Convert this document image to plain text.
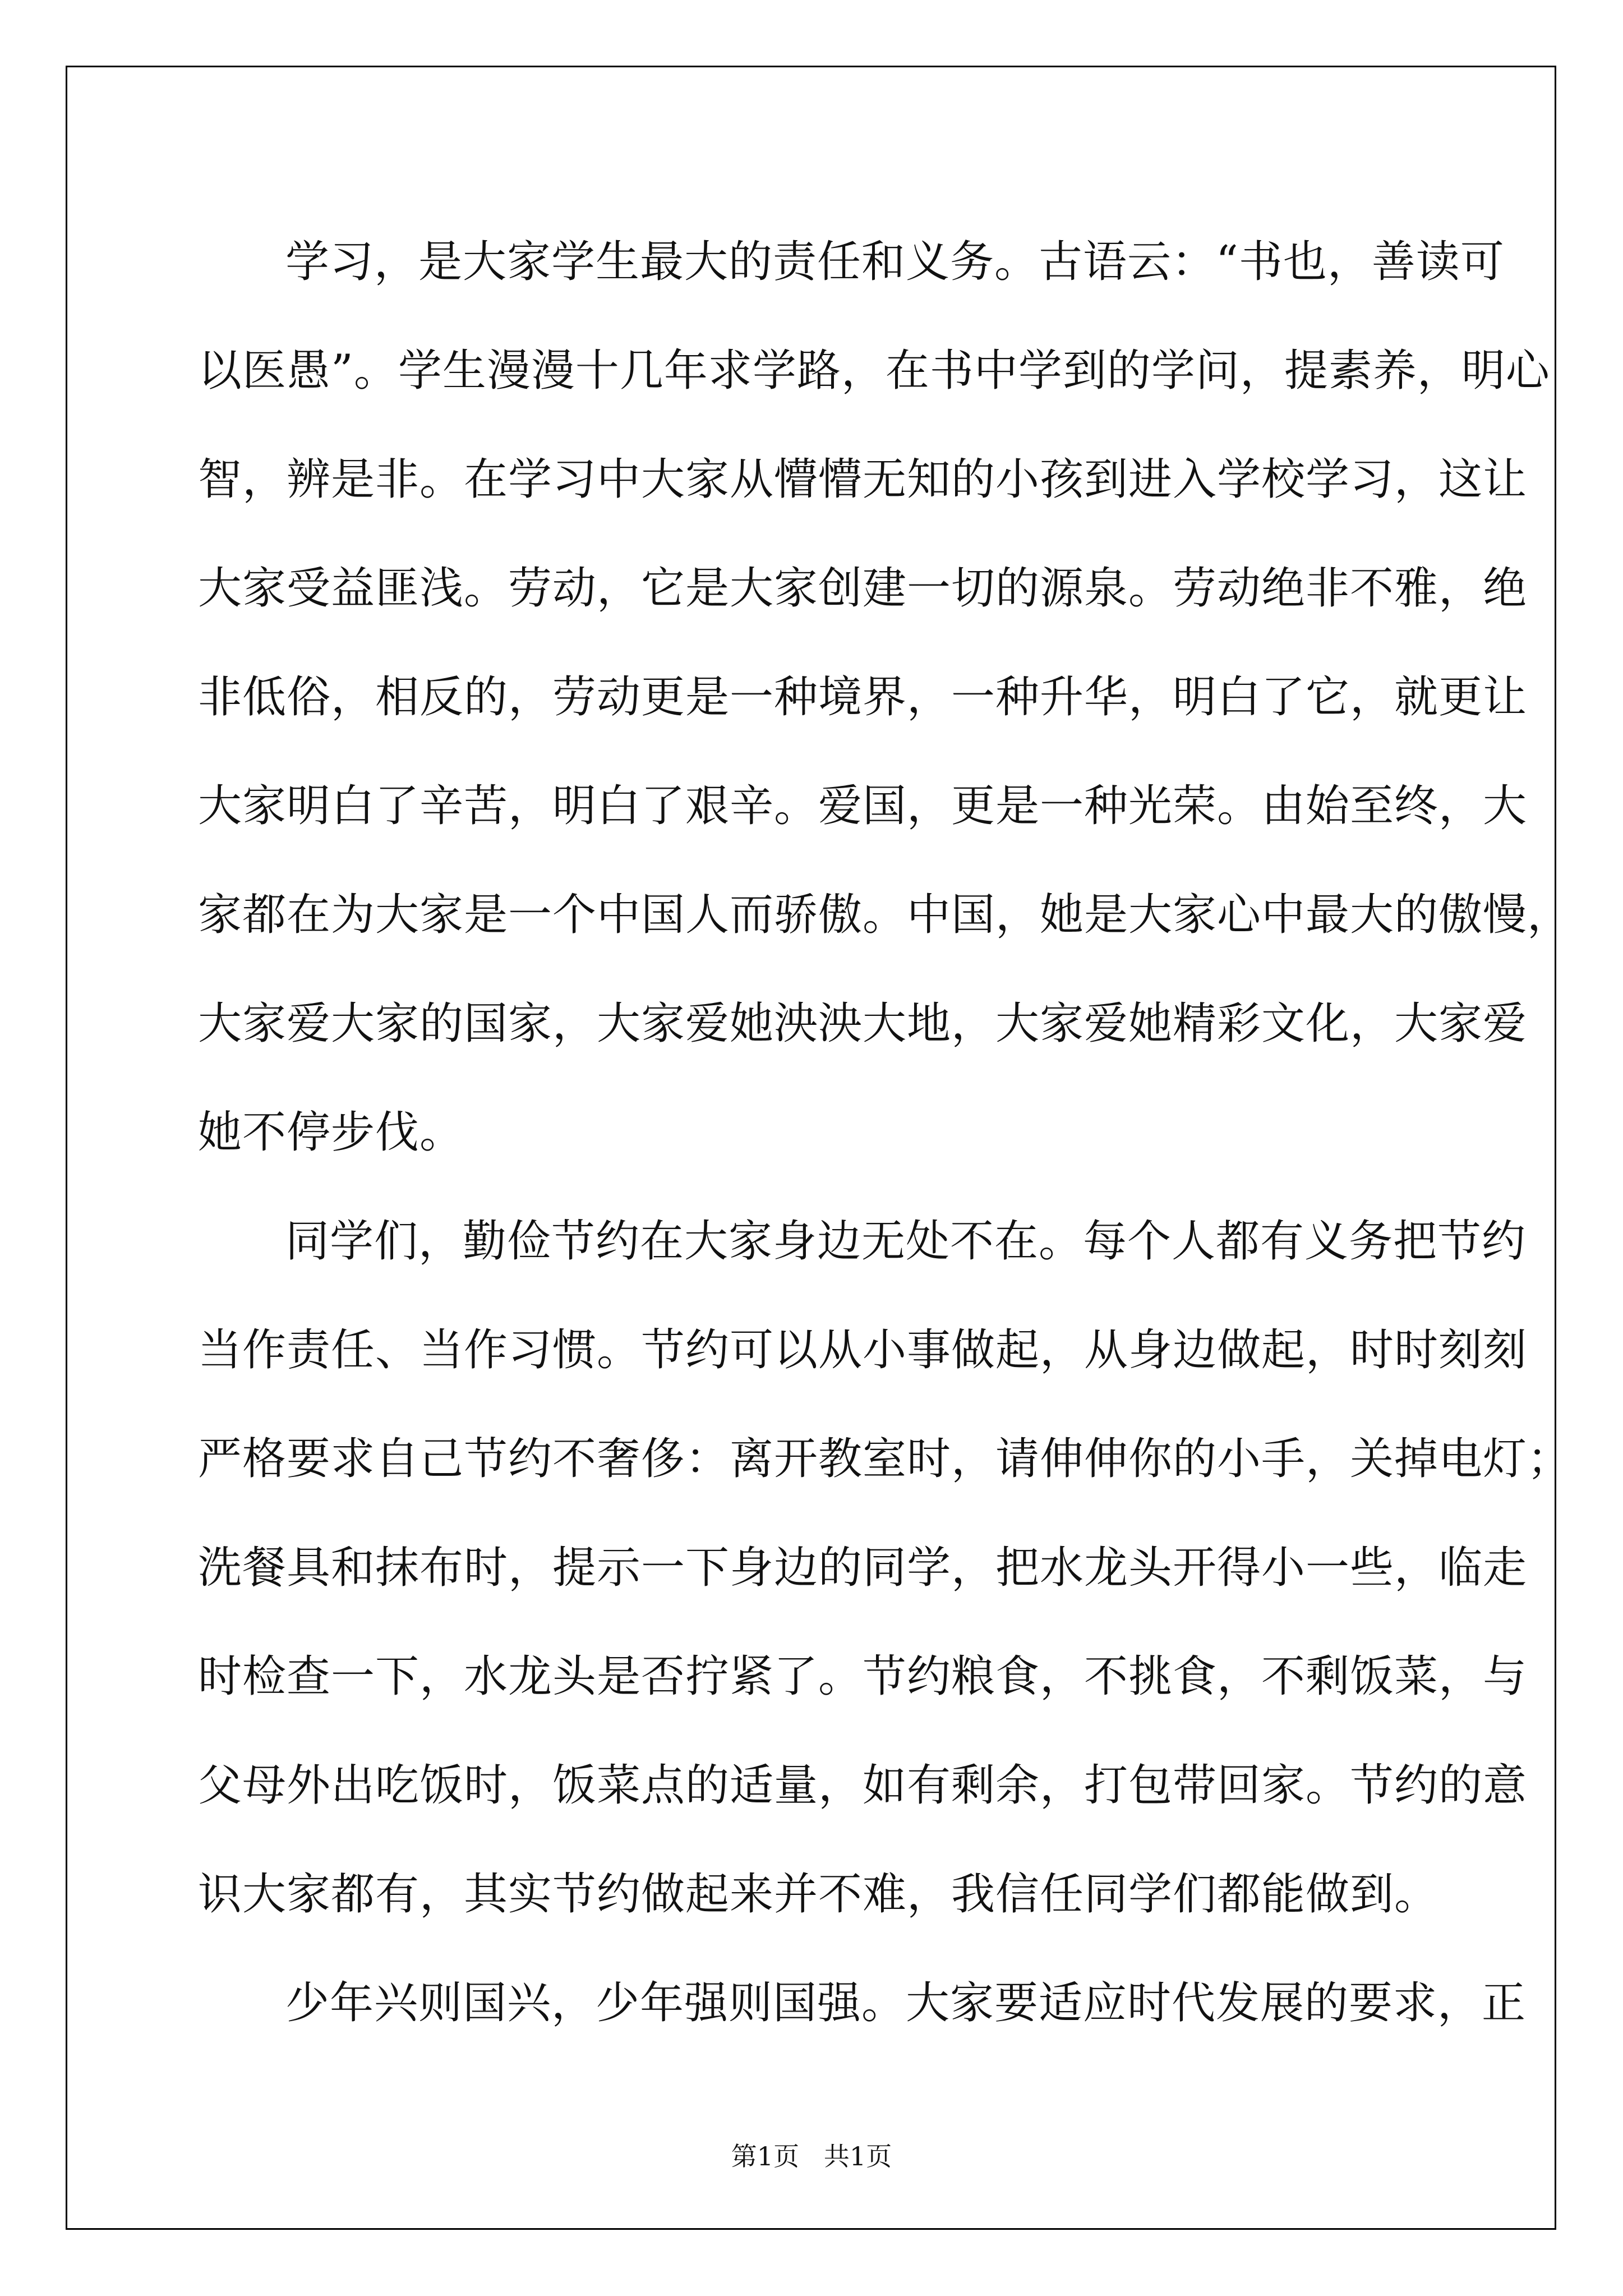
学习，是大家学生最大的责任和义务。古语云：“书也，善读可
以医愚”。学生漫漫十几年求学路，在书中学到的学问，提素养，明心
智，辨是非。在学习中大家从懵懵无知的小孩到进入学校学习，这让
大家受益匪浅。劳动，它是大家创建一切的源泉。劳动绝非不雅，绝
非低俗，相反的，劳动更是一种境界，一种升华，明白了它，就更让
大家明白了辛苦，明白了艰辛。爱国，更是一种光荣。由始至终，大
家都在为大家是一个中国人而骄傲。中国，她是大家心中最大的傲慢，
大家爱大家的国家，大家爱她泱泱大地，大家爱她精彩文化，大家爱
她不停步伐。
同学们，勤俭节约在大家身边无处不在。每个人都有义务把节约
当作责任、当作习惯。节约可以从小事做起，从身边做起，时时刻刻
严格要求自己节约不奢侈：离开教室时，请伸伸你的小手，关掉电灯；
洗餐具和抹布时，提示一下身边的同学，把水龙头开得小一些，临走
时检查一下，水龙头是否拧紧了。节约粮食，不挑食，不剩饭菜，与
父母外出吃饭时，饭菜点的适量，如有剩余，打包带回家。节约的意
识大家都有，其实节约做起来并不难，我信任同学们都能做到。
少年兴则国兴，少年强则国强。大家要适应时代发展的要求，正
第1页   共1页
